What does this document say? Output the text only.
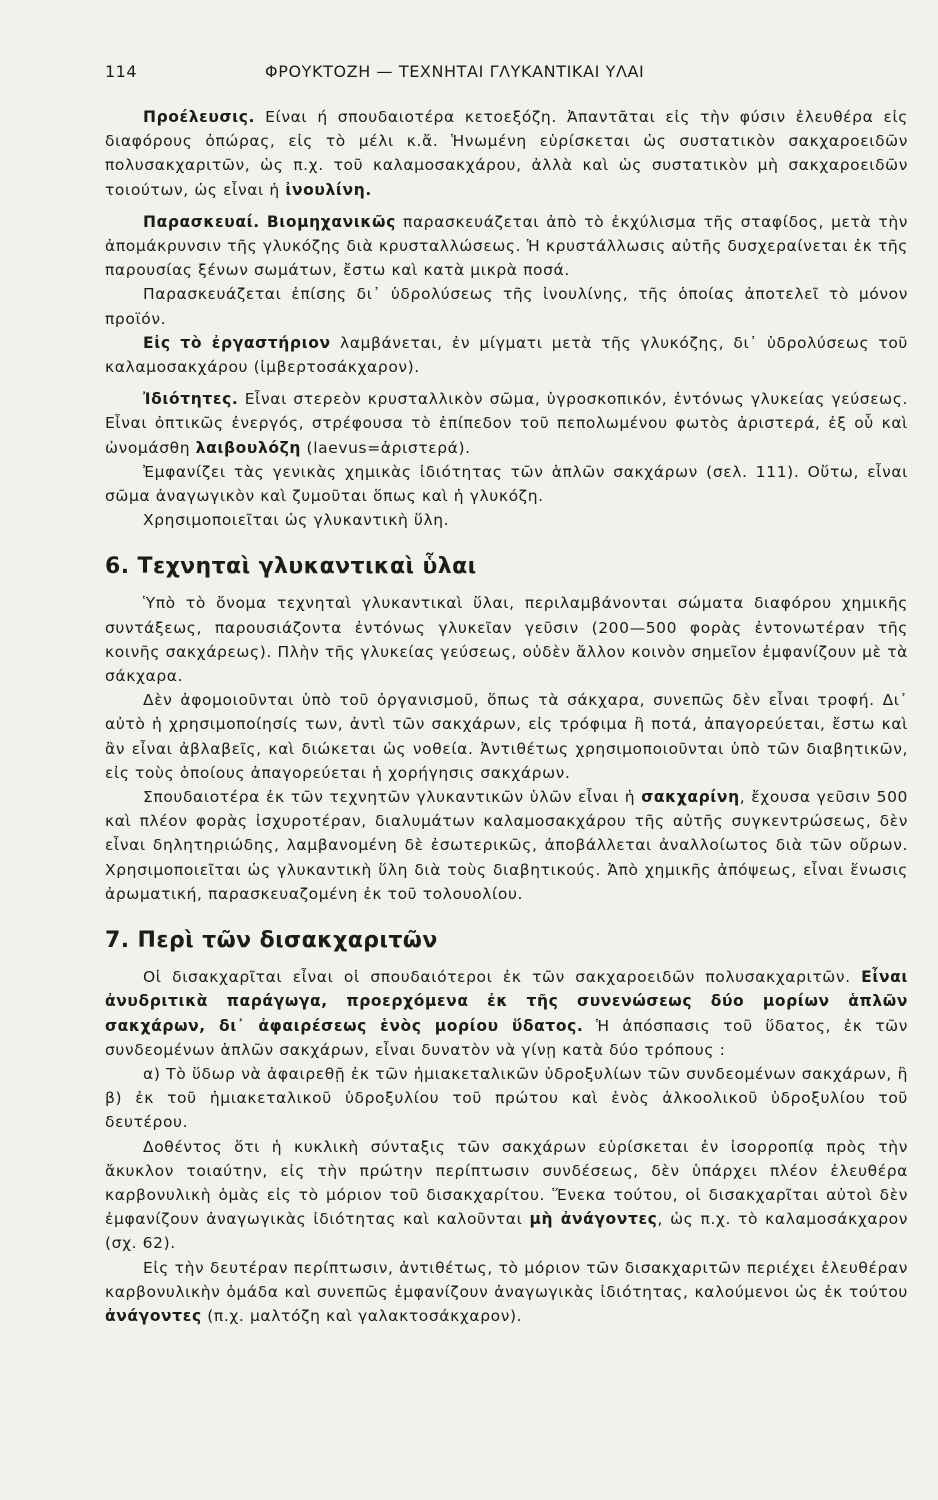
114	ΦΡΟΥΚΤΟΖΗ — ΤΕΧΝΗΤΑΙ ΓΛΥΚΑΝΤΙΚΑΙ ΥΛΑΙ

Προέλευσις. Είναι ή σπουδαιοτέρα κετοεξόζη. Ἀπαντᾶται εἰς τὴν φύσιν ἐλευθέρα εἰς διαφόρους ὀπώρας, εἰς τὸ μέλι κ.ἄ. Ἡνωμένη εὑρίσκεται ὡς συστατικὸν σακχαροειδῶν πολυσακχαριτῶν, ὡς π.χ. τοῦ καλαμοσακχάρου, ἀλλὰ καὶ ὡς συστατικὸν μὴ σακχαροειδῶν τοιούτων, ὡς εἶναι ἡ ἰνουλίνη.

Παρασκευαί. Βιομηχανικῶς παρασκευάζεται ἀπὸ τὸ ἐκχύλισμα τῆς σταφίδος, μετὰ τὴν ἀπομάκρυνσιν τῆς γλυκόζης διὰ κρυσταλλώσεως. Ἡ κρυστάλλωσις αὐτῆς δυσχεραίνεται ἐκ τῆς παρουσίας ξένων σωμάτων, ἔστω καὶ κατὰ μικρὰ ποσά.

Παρασκευάζεται ἐπίσης δι᾽ ὑδρολύσεως τῆς ἰνουλίνης, τῆς ὁποίας ἀποτελεῖ τὸ μόνον προϊόν.

Εἰς τὸ ἐργαστήριον λαμβάνεται, ἐν μίγματι μετὰ τῆς γλυκόζης, δι᾽ ὑδρολύσεως τοῦ καλαμοσακχάρου (ἰμβερτοσάκχαρον).

Ἰδιότητες. Εἶναι στερεὸν κρυσταλλικὸν σῶμα, ὑγροσκοπικόν, ἐντόνως γλυκείας γεύσεως. Εἶναι ὀπτικῶς ἐνεργός, στρέφουσα τὸ ἐπίπεδον τοῦ πεπολωμένου φωτὸς ἀριστερά, ἐξ οὗ καὶ ὠνομάσθη λαιβουλόζη (laevus=ἀριστερά).

Ἐμφανίζει τὰς γενικὰς χημικὰς ἰδιότητας τῶν ἁπλῶν σακχάρων (σελ. 111). Οὕτω, εἶναι σῶμα ἀναγωγικὸν καὶ ζυμοῦται ὅπως καὶ ἡ γλυκόζη.

Χρησιμοποιεῖται ὡς γλυκαντικὴ ὕλη.

6. Τεχνηταὶ γλυκαντικαὶ ὗλαι

Ὑπὸ τὸ ὄνομα τεχνηταὶ γλυκαντικαὶ ὕλαι, περιλαμβάνονται σώματα διαφόρου χημικῆς συντάξεως, παρουσιάζοντα ἐντόνως γλυκεῖαν γεῦσιν (200—500 φορὰς ἐντονωτέραν τῆς κοινῆς σακχάρεως). Πλὴν τῆς γλυκείας γεύσεως, οὐδὲν ἄλλον κοινὸν σημεῖον ἐμφανίζουν μὲ τὰ σάκχαρα.

Δὲν ἀφομοιοῦνται ὑπὸ τοῦ ὀργανισμοῦ, ὅπως τὰ σάκχαρα, συνεπῶς δὲν εἶναι τροφή. Δι᾽ αὐτὸ ἡ χρησιμοποίησίς των, ἀντὶ τῶν σακχάρων, εἰς τρόφιμα ἢ ποτά, ἀπαγορεύεται, ἔστω καὶ ἂν εἶναι ἀβλαβεῖς, καὶ διώκεται ὡς νοθεία. Ἀντιθέτως χρησιμοποιοῦνται ὑπὸ τῶν διαβητικῶν, εἰς τοὺς ὁποίους ἀπαγορεύεται ἡ χορήγησις σακχάρων.

Σπουδαιοτέρα ἐκ τῶν τεχνητῶν γλυκαντικῶν ὑλῶν εἶναι ἡ σακχαρίνη, ἔχουσα γεῦσιν 500 καὶ πλέον φορὰς ἰσχυροτέραν, διαλυμάτων καλαμοσακχάρου τῆς αὐτῆς συγκεντρώσεως, δὲν εἶναι δηλητηριώδης, λαμβανομένη δὲ ἐσωτερικῶς, ἀποβάλλεται ἀναλλοίωτος διὰ τῶν οὔρων. Χρησιμοποιεῖται ὡς γλυκαντικὴ ὕλη διὰ τοὺς διαβητικούς. Ἀπὸ χημικῆς ἀπόψεως, εἶναι ἕνωσις ἀρωματική, παρασκευαζομένη ἐκ τοῦ τολουολίου.

7. Περὶ τῶν δισακχαριτῶν

Οἱ δισακχαρῖται εἶναι οἱ σπουδαιότεροι ἐκ τῶν σακχαροειδῶν πολυσακχαριτῶν. Εἶναι ἀνυδριτικὰ παράγωγα, προερχόμενα ἐκ τῆς συνενώσεως δύο μορίων ἁπλῶν σακχάρων, δι᾽ ἀφαιρέσεως ἑνὸς μορίου ὕδατος. Ἡ ἀπόσπασις τοῦ ὕδατος, ἐκ τῶν συνδεομένων ἁπλῶν σακχάρων, εἶναι δυνατὸν νὰ γίνῃ κατὰ δύο τρόπους :

α) Τὸ ὕδωρ νὰ ἀφαιρεθῇ ἐκ τῶν ἡμιακεταλικῶν ὑδροξυλίων τῶν συνδεομένων σακχάρων, ἢ β) ἐκ τοῦ ἡμιακεταλικοῦ ὑδροξυλίου τοῦ πρώτου καὶ ἑνὸς ἀλκοολικοῦ ὑδροξυλίου τοῦ δευτέρου.

Δοθέντος ὅτι ἡ κυκλικὴ σύνταξις τῶν σακχάρων εὑρίσκεται ἐν ἰσορροπίᾳ πρὸς τὴν ἄκυκλον τοιαύτην, εἰς τὴν πρώτην περίπτωσιν συνδέσεως, δὲν ὑπάρχει πλέον ἐλευθέρα καρβονυλικὴ ὁμὰς εἰς τὸ μόριον τοῦ δισακχαρίτου. Ἕνεκα τούτου, οἱ δισακχαρῖται αὐτοὶ δὲν ἐμφανίζουν ἀναγωγικὰς ἰδιότητας καὶ καλοῦνται μὴ ἀνάγοντες, ὡς π.χ. τὸ καλαμοσάκχαρον (σχ. 62).

Εἰς τὴν δευτέραν περίπτωσιν, ἀντιθέτως, τὸ μόριον τῶν δισακχαριτῶν περιέχει ἐλευθέραν καρβονυλικὴν ὁμάδα καὶ συνεπῶς ἐμφανίζουν ἀναγωγικὰς ἰδιότητας, καλούμενοι ὡς ἐκ τούτου ἀνάγοντες (π.χ. μαλτόζη καὶ γαλακτοσάκχαρον).
